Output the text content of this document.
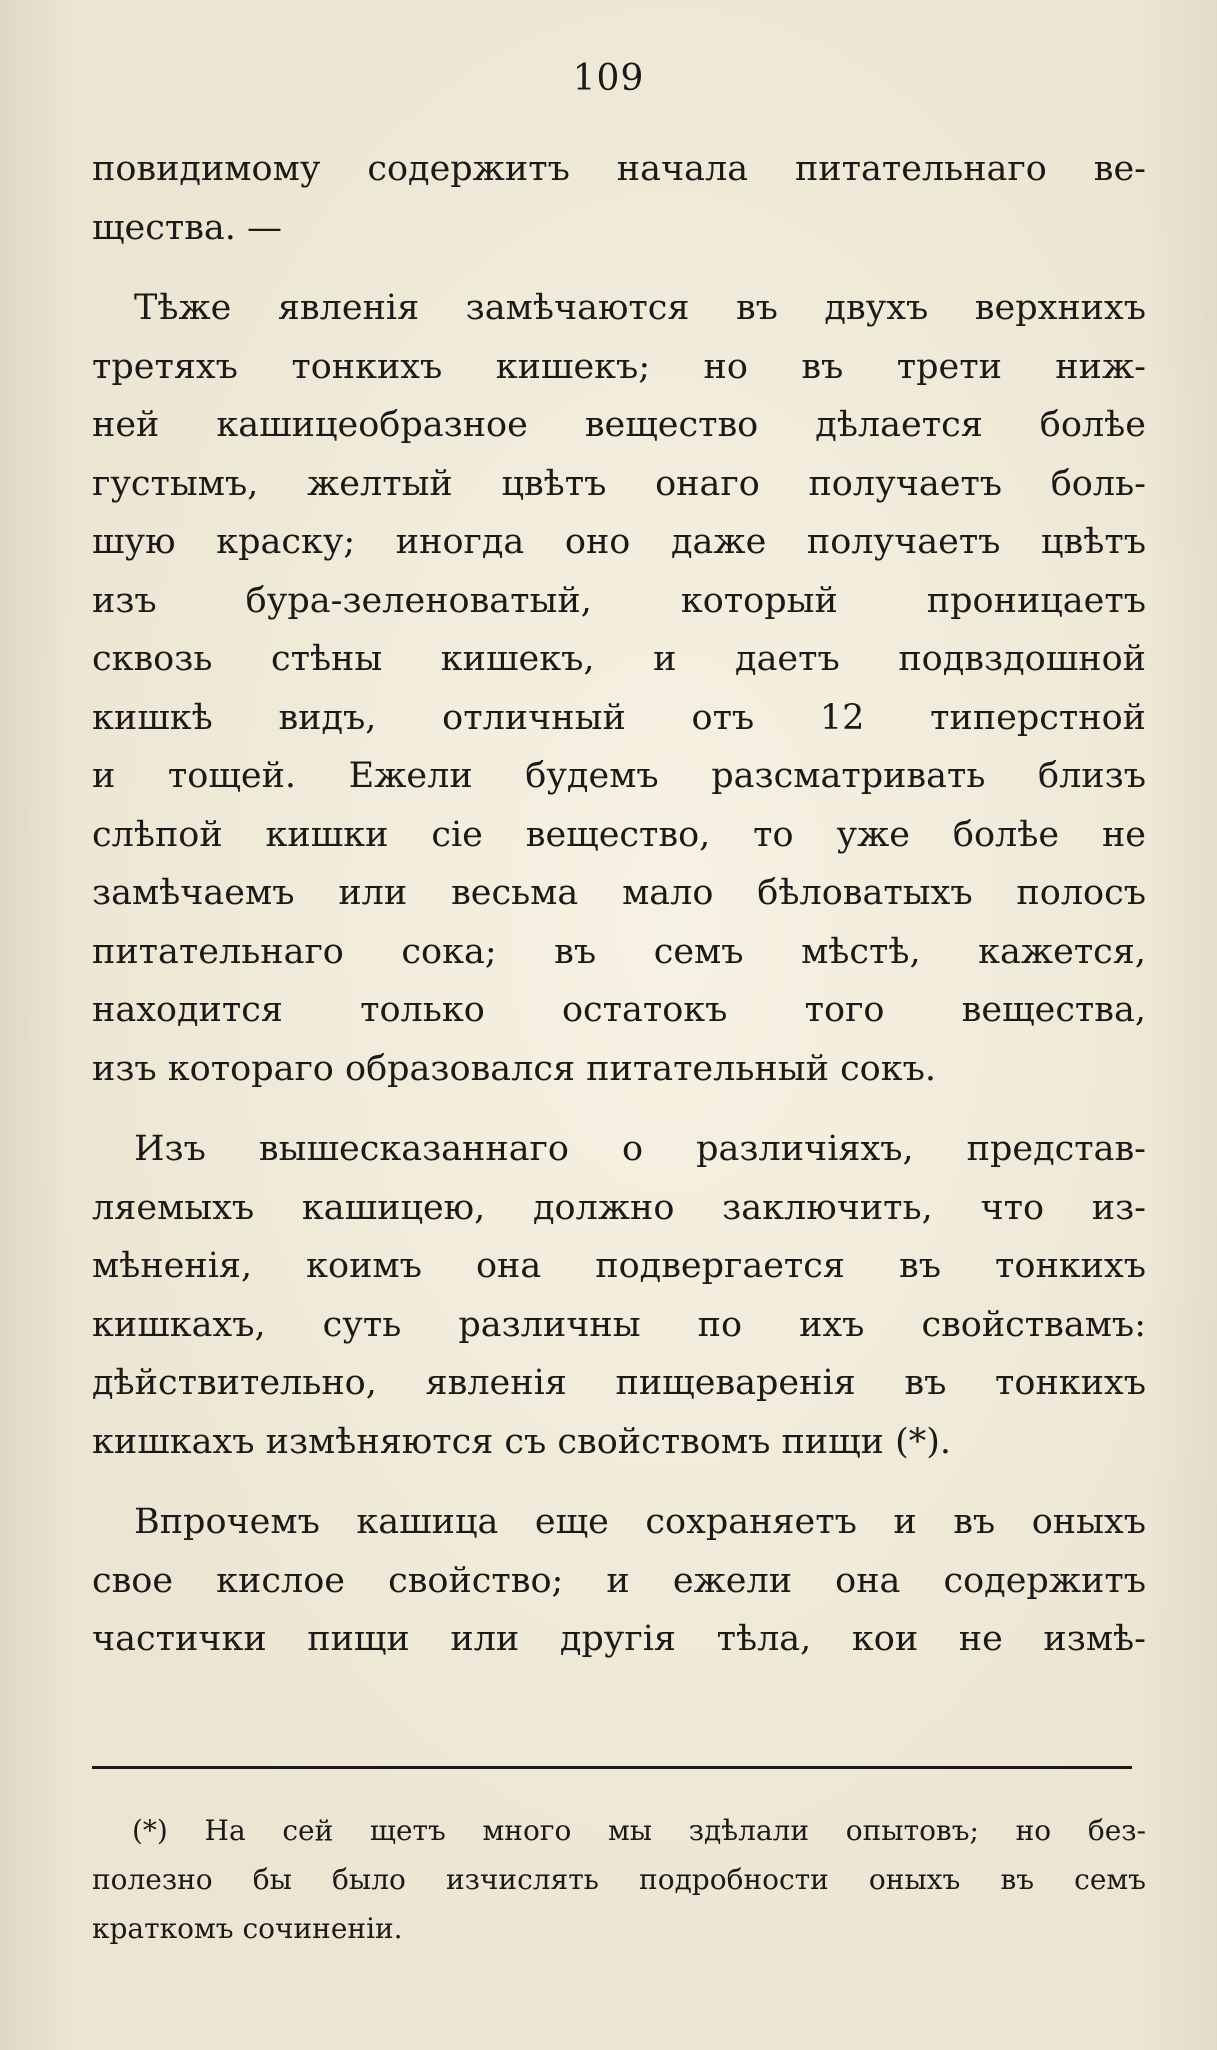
109

повидимому содержитъ начала питательнаго ве-
щества. —

Тѣже явленія замѣчаются въ двухъ верхнихъ
третяхъ тонкихъ кишекъ; но въ трети ниж-
ней кашицеобразное вещество дѣлается болѣе
густымъ, желтый цвѣтъ онаго получаетъ боль-
шую краску; иногда оно даже получаетъ цвѣтъ
изъ бура-зеленоватый, который проницаетъ
сквозь стѣны кишекъ, и даетъ подвздошной
кишкѣ видъ, отличный отъ 12 типерстной
и тощей. Ежели будемъ разсматривать близъ
слѣпой кишки сіе вещество, то уже болѣе не
замѣчаемъ или весьма мало бѣловатыхъ полосъ
питательнаго сока; въ семъ мѣстѣ, кажется,
находится только остатокъ того вещества,
изъ котораго образовался питательный сокъ.

Изъ вышесказаннаго о различіяхъ, представ-
ляемыхъ кашицею, должно заключить, что из-
мѣненія, коимъ она подвергается въ тонкихъ
кишкахъ, суть различны по ихъ свойствамъ:
дѣйствительно, явленія пищеваренія въ тонкихъ
кишкахъ измѣняются съ свойствомъ пищи (*).

Впрочемъ кашица еще сохраняетъ и въ оныхъ
свое кислое свойство; и ежели она содержитъ
частички пищи или другія тѣла, кои не измѣ-

(*) На сей щетъ много мы здѣлали опытовъ; но без-
полезно бы было изчислять подробности оныхъ въ семъ
краткомъ сочиненіи.
